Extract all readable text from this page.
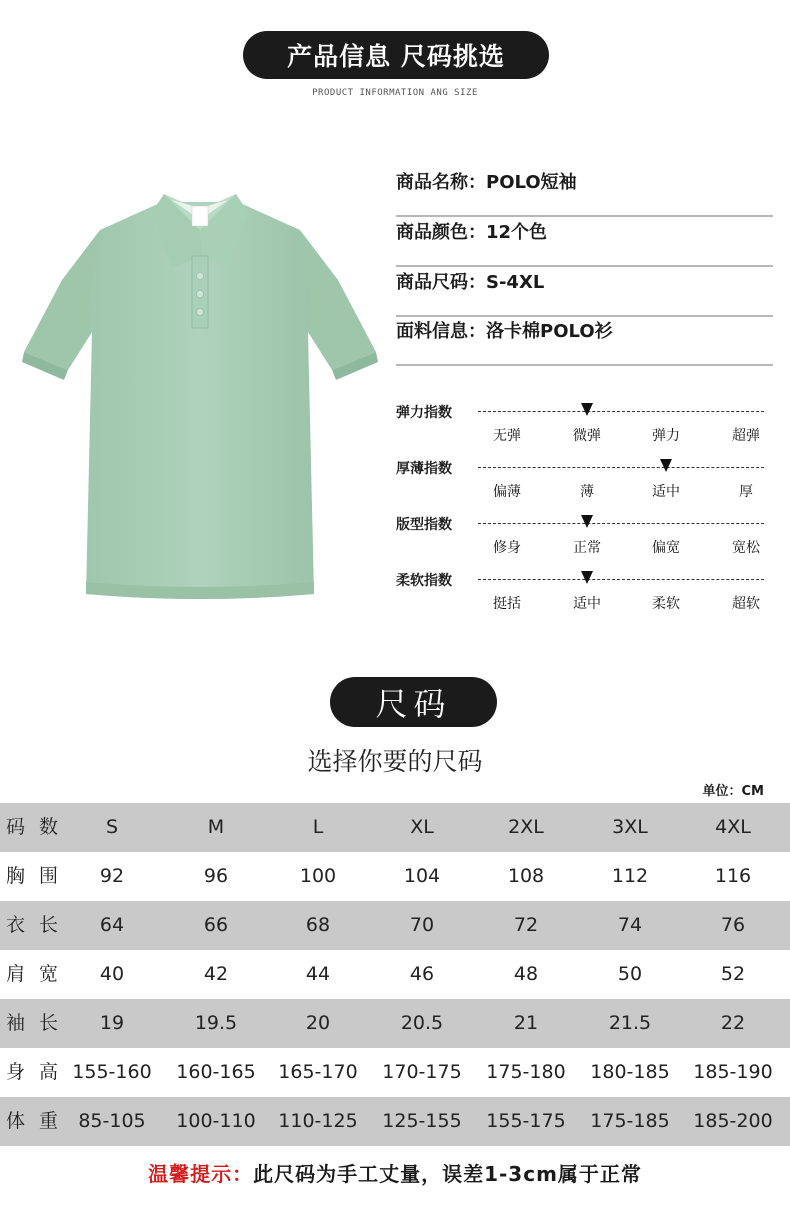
产品信息 尺码挑选
PRODUCT INFORMATION ANG SIZE
商品名称：POLO短袖
商品颜色：12个色
商品尺码：S-4XL
面料信息：洛卡棉POLO衫
弹力指数
无弹	微弹	弹力	超弹
厚薄指数
偏薄	薄	适中	厚
版型指数
修身	正常	偏宽	宽松
柔软指数
挺括	适中	柔软	超软
尺码
选择你要的尺码
单位：CM
码数	S	M	L	XL	2XL	3XL	4XL
胸围	92	96	100	104	108	112	116
衣长	64	66	68	70	72	74	76
肩宽	40	42	44	46	48	50	52
袖长	19	19.5	20	20.5	21	21.5	22
身高 155-160	160-165	165-170	170-175	175-180	180-185	185-190
体重 85-105	100-110	110-125	125-155	155-175	175-185	185-200
温馨提示：此尺码为手工丈量，误差1-3cm属于正常
